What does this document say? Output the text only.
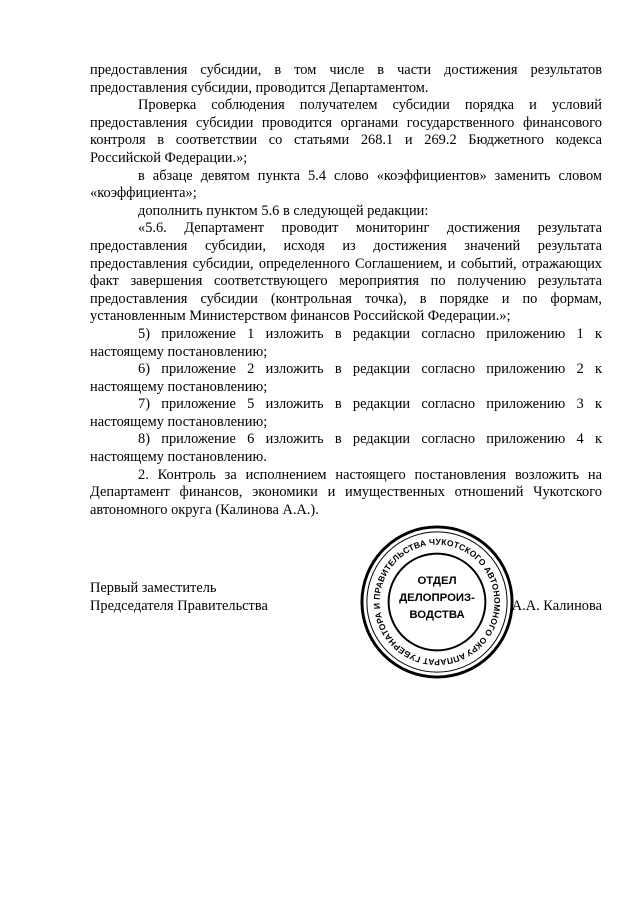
предоставления субсидии, в том числе в части достижения результатов предоставления субсидии, проводится Департаментом.

Проверка соблюдения получателем субсидии порядка и условий предоставления субсидии проводится органами государственного финансового контроля в соответствии со статьями 268.1 и 269.2 Бюджетного кодекса Российской Федерации.»;

в абзаце девятом пункта 5.4 слово «коэффициентов» заменить словом «коэффициента»;

дополнить пунктом 5.6 в следующей редакции:

«5.6. Департамент проводит мониторинг достижения результата предоставления субсидии, исходя из достижения значений результата предоставления субсидии, определенного Соглашением, и событий, отражающих факт завершения соответствующего мероприятия по получению результата предоставления субсидии (контрольная точка), в порядке и по формам, установленным Министерством финансов Российской Федерации.»;

5) приложение 1 изложить в редакции согласно приложению 1 к настоящему постановлению;

6) приложение 2 изложить в редакции согласно приложению 2 к настоящему постановлению;

7) приложение 5 изложить в редакции согласно приложению 3 к настоящему постановлению;

8) приложение 6 изложить в редакции согласно приложению 4 к настоящему постановлению.

2. Контроль за исполнением настоящего постановления возложить на Департамент финансов, экономики и имущественных отношений Чукотского автономного округа (Калинова А.А.).

Первый заместитель
Председателя Правительства
АППАРАТ ГУБЕРНАТОРА И ПРАВИТЕЛЬСТВА ЧУКОТСКОГО АВТОНОМНОГО ОКРУГА
ОТДЕЛ
ДЕЛОПРОИЗ-
ВОДСТВА
А.А. Калинова
